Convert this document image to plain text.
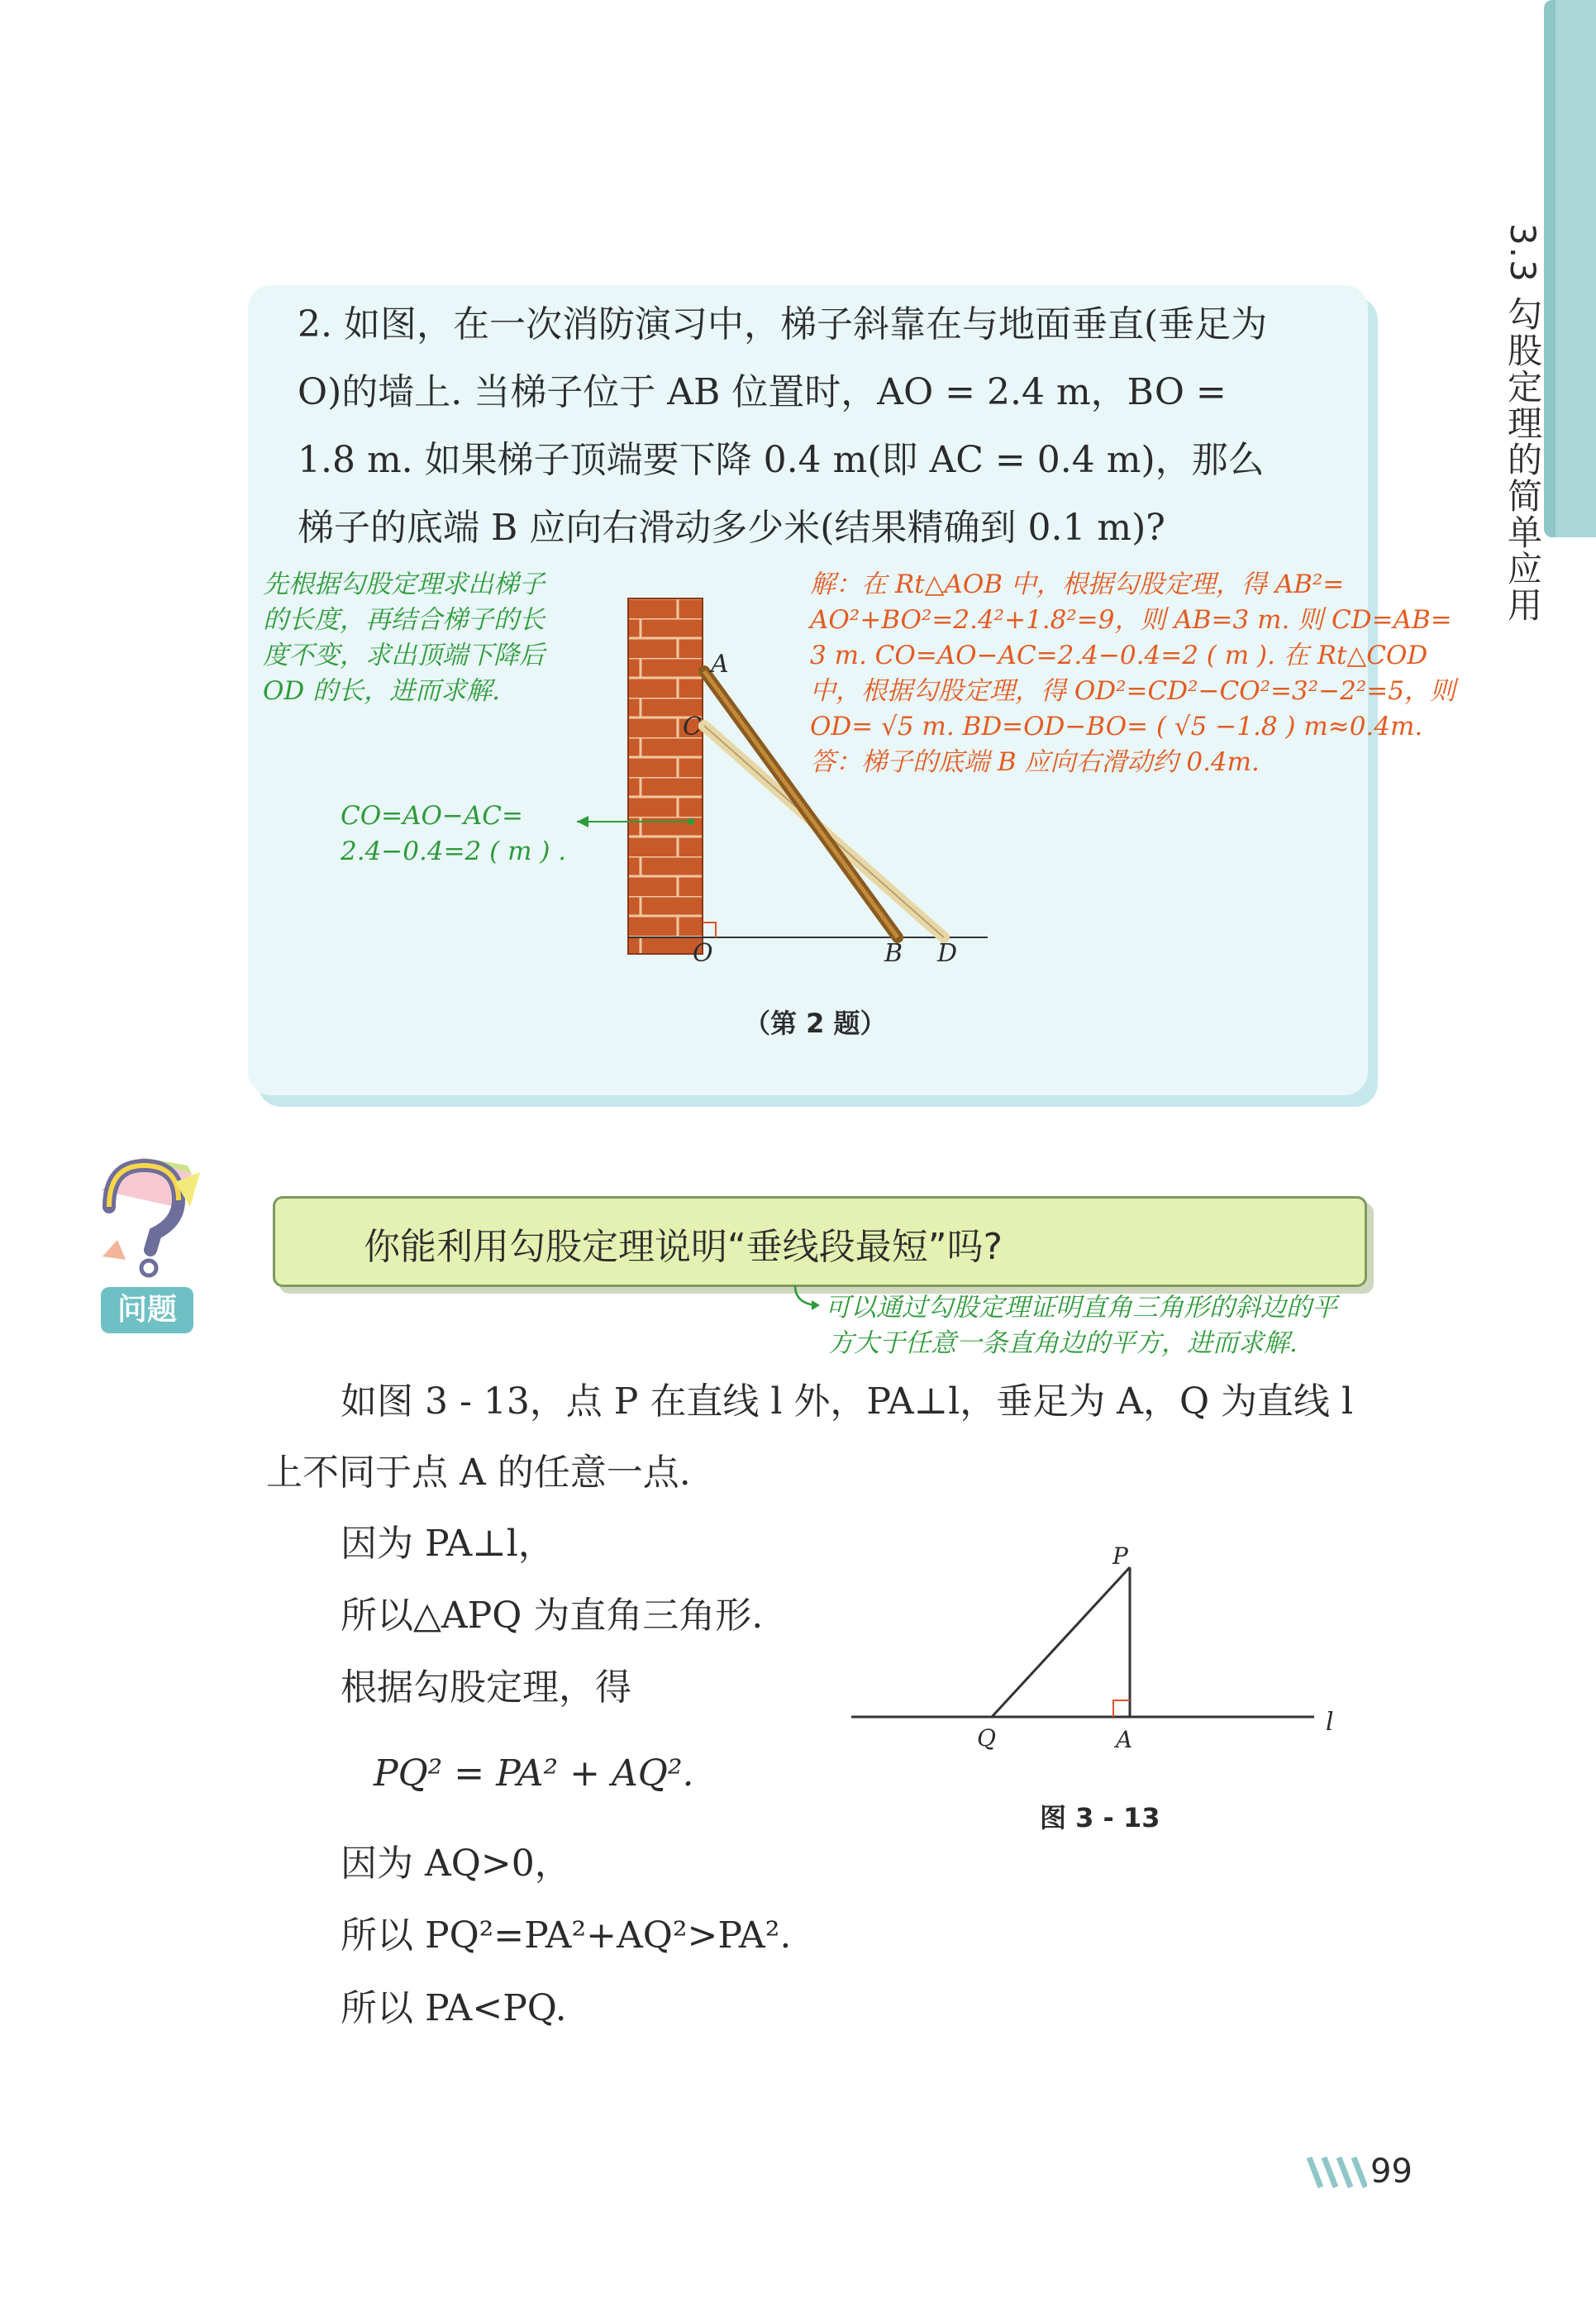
3.3 勾股定理的简单应用
2. 如图，在一次消防演习中，梯子斜靠在与地面垂直(垂足为
O)的墙上. 当梯子位于 AB 位置时，AO = 2.4 m，BO =
1.8 m. 如果梯子顶端要下降 0.4 m(即 AC = 0.4 m)，那么
梯子的底端 B 应向右滑动多少米(结果精确到 0.1 m)?
先根据勾股定理求出梯子
的长度，再结合梯子的长
度不变，求出顶端下降后
OD 的长，进而求解.
CO=AO−AC=
2.4−0.4=2 ( m ) .
解：在 Rt△AOB 中，根据勾股定理，得 AB²=
AO²+BO²=2.4²+1.8²=9，则 AB=3 m. 则 CD=AB=
3 m. CO=AO−AC=2.4−0.4=2 ( m ). 在 Rt△COD
中，根据勾股定理，得 OD²=CD²−CO²=3²−2²=5，则
OD= √5 m. BD=OD−BO= ( √5 −1.8 ) m≈0.4m.
答：梯子的底端 B 应向右滑动约 0.4m.
A
C
O	B D
（第 2 题）
问题
你能利用勾股定理说明“垂线段最短”吗?
可以通过勾股定理证明直角三角形的斜边的平
方大于任意一条直角边的平方，进而求解.
如图 3 - 13，点 P 在直线 l 外，PA⊥l，垂足为 A，Q 为直线 l
上不同于点 A 的任意一点.
因为 PA⊥l，
所以△APQ 为直角三角形.
根据勾股定理，得
PQ² = PA² + AQ².
因为 AQ>0，
所以 PQ²=PA²+AQ²>PA².
所以 PA<PQ.
P
Q	A
l
图 3 - 13
99
